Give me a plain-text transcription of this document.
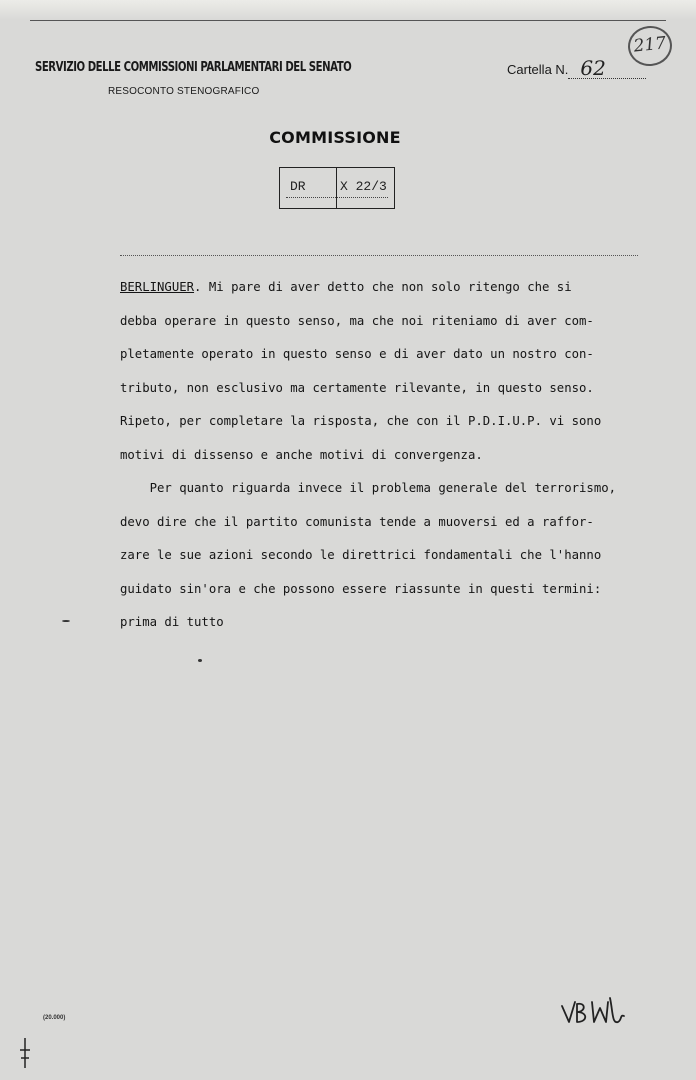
SERVIZIO DELLE COMMISSIONI PARLAMENTARI DEL SENATO
RESOCONTO STENOGRAFICO
Cartella N. 62
217
COMMISSIONE
DR	X 22/3
BERLINGUER. Mi pare di aver detto che non solo ritengo che si
debba operare in questo senso, ma che noi riteniamo di aver com-
pletamente operato in questo senso e di aver dato un nostro con-
tributo, non esclusivo ma certamente rilevante, in questo senso.
Ripeto, per completare la risposta, che con il P.D.I.U.P. vi sono
motivi di dissenso e anche motivi di convergenza.
Per quanto riguarda invece il problema generale del terrorismo,
devo dire che il partito comunista tende a muoversi ed a raffor-
zare le sue azioni secondo le direttrici fondamentali che l'hanno
guidato sin'ora e che possono essere riassunte in questi termini:
prima di tutto
(20.000)
